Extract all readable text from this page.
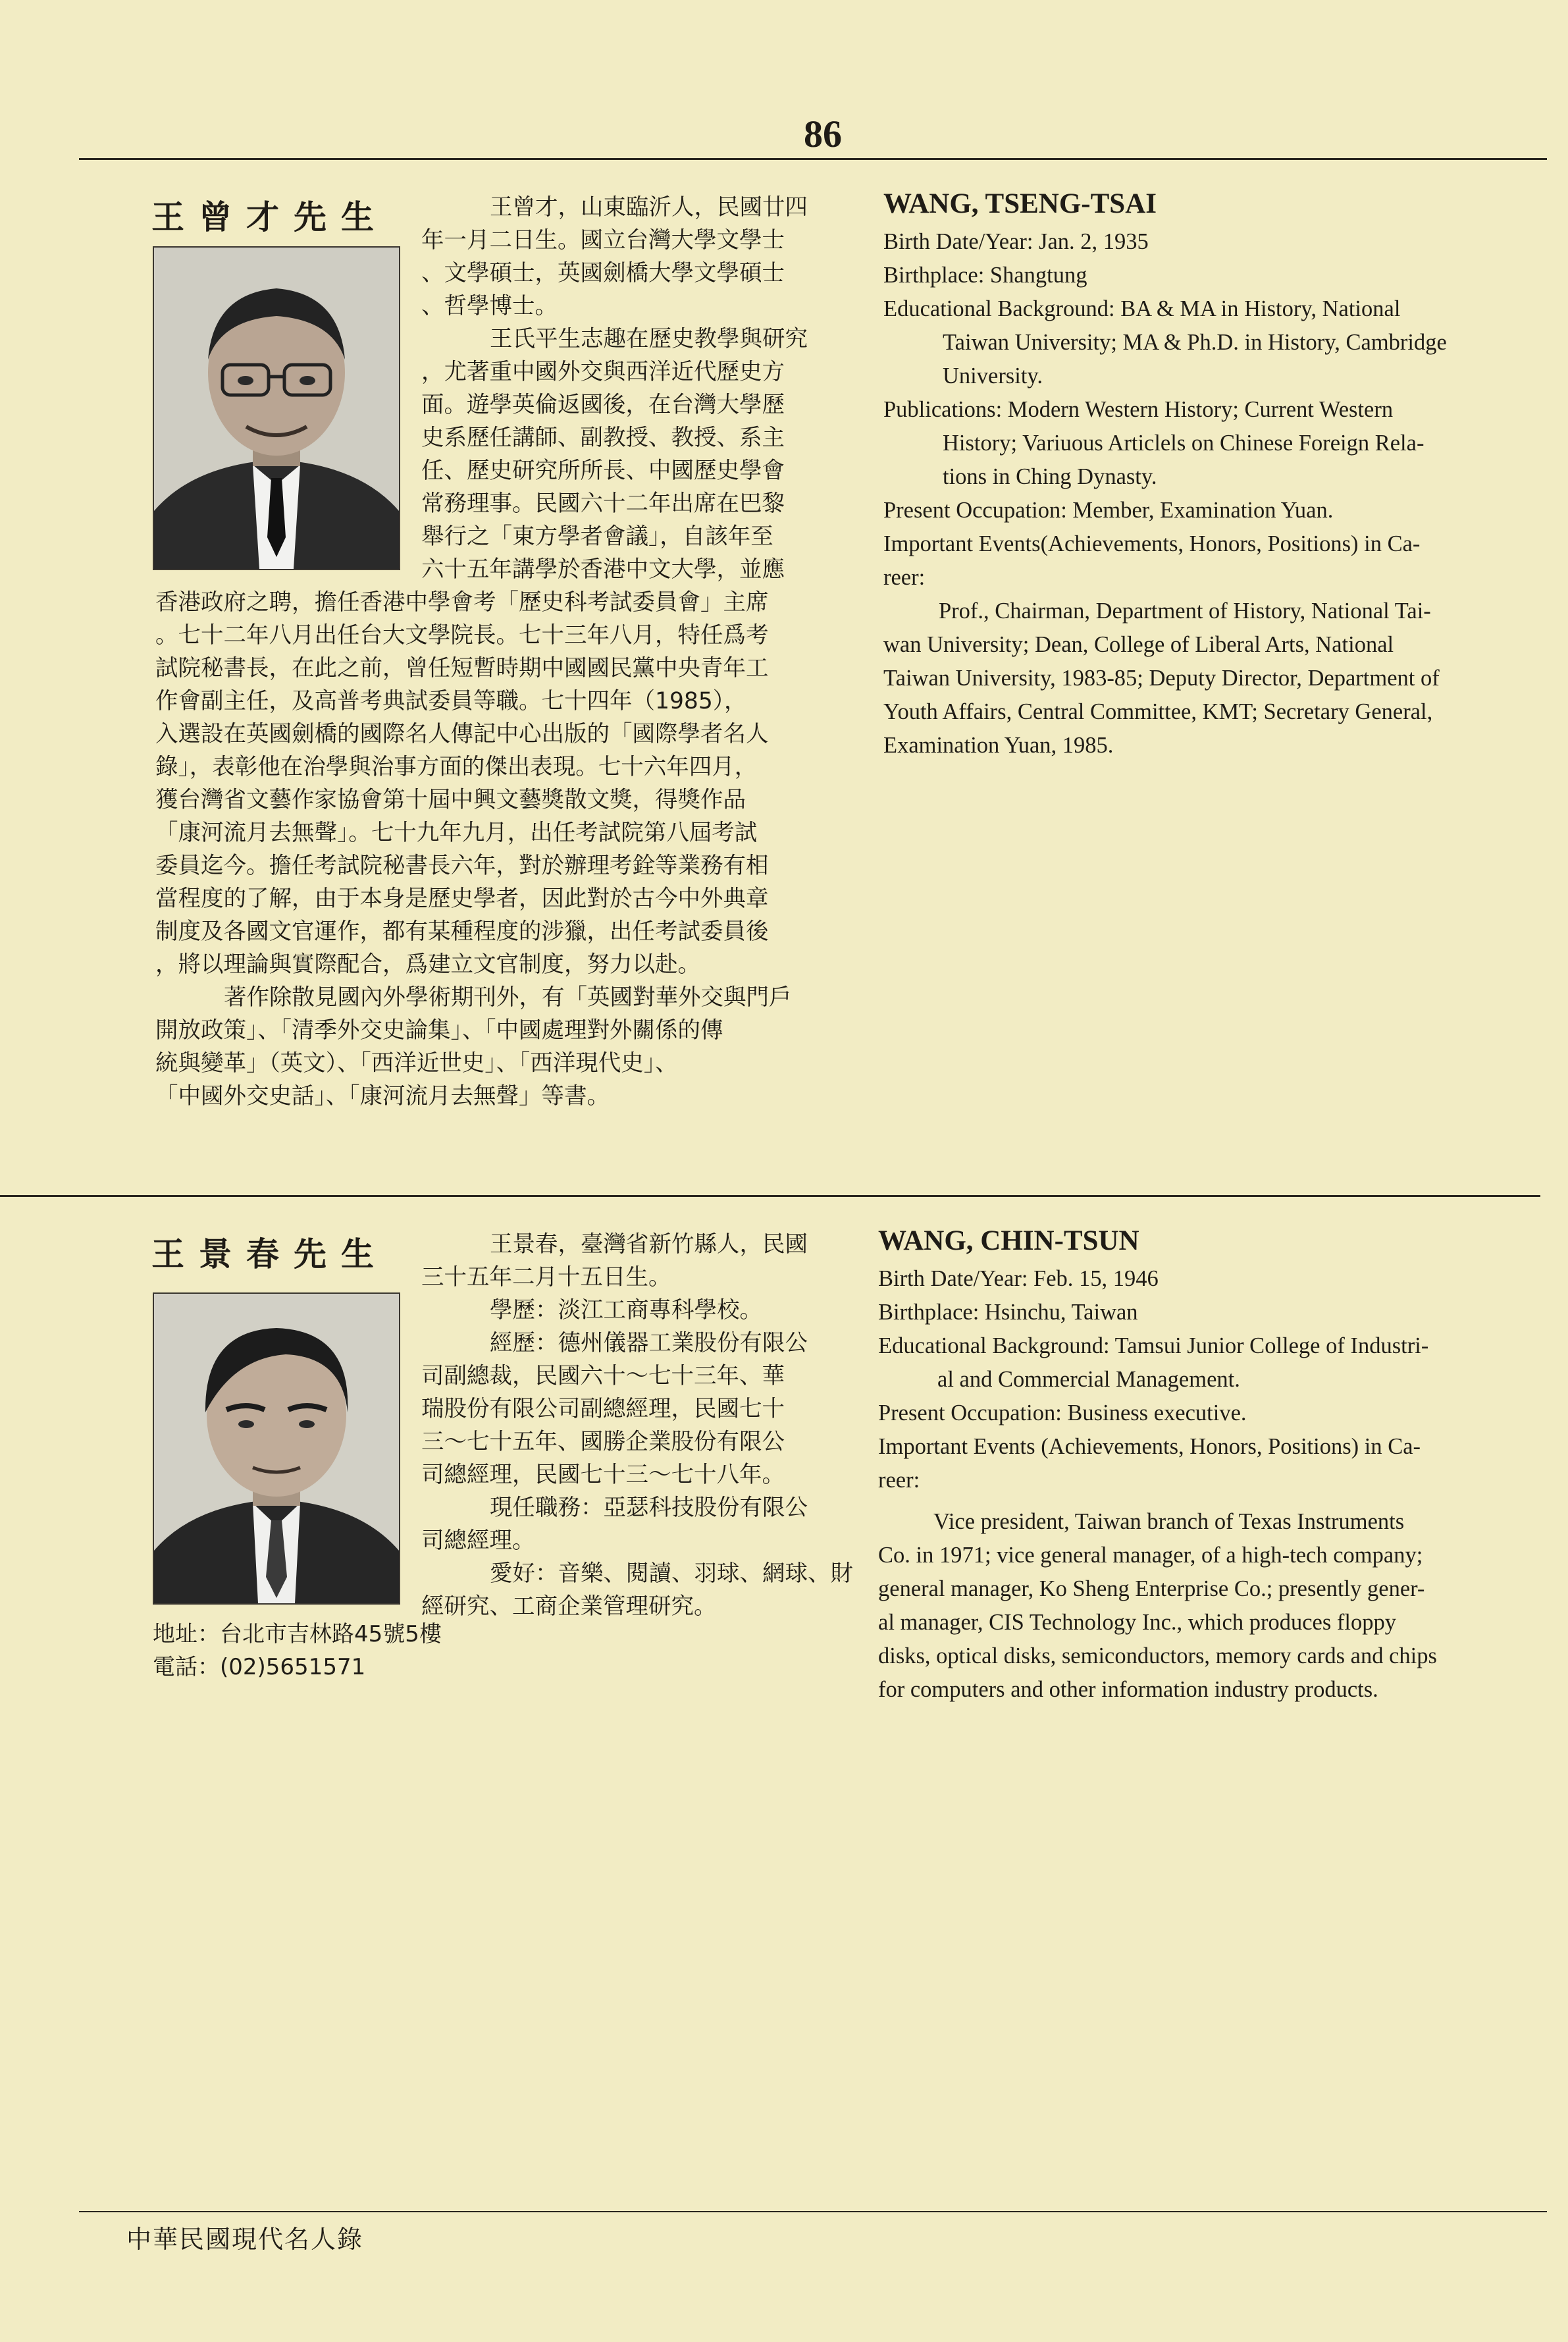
86
王曾才先生	王曾才，山東臨沂人，民國廿四
年一月二日生。國立台灣大學文學士
、文學碩士，英國劍橋大學文學碩士
、哲學博士。
王氏平生志趣在歷史教學與研究
，尤著重中國外交與西洋近代歷史方
面。遊學英倫返國後，在台灣大學歷
史系歷任講師、副教授、教授、系主
任、歷史研究所所長、中國歷史學會
常務理事。民國六十二年出席在巴黎
舉行之「東方學者會議」，自該年至
六十五年講學於香港中文大學，並應
香港政府之聘，擔任香港中學會考「歷史科考試委員會」主席
。七十二年八月出任台大文學院長。七十三年八月，特任爲考
試院秘書長，在此之前，曾任短暫時期中國國民黨中央青年工
作會副主任，及高普考典試委員等職。七十四年（1985），
入選設在英國劍橋的國際名人傳記中心出版的「國際學者名人
錄」，表彰他在治學與治事方面的傑出表現。七十六年四月，
獲台灣省文藝作家協會第十屆中興文藝獎散文獎，得獎作品
「康河流月去無聲」。七十九年九月，出任考試院第八屆考試
委員迄今。擔任考試院秘書長六年，對於辦理考銓等業務有相
當程度的了解，由于本身是歷史學者，因此對於古今中外典章
制度及各國文官運作，都有某種程度的涉獵，出任考試委員後
，將以理論與實際配合，爲建立文官制度，努力以赴。
著作除散見國內外學術期刊外，有「英國對華外交與門戶
開放政策」、「清季外交史論集」、「中國處理對外關係的傳
統與變革」（英文）、「西洋近世史」、「西洋現代史」、
「中國外交史話」、「康河流月去無聲」等書。
WANG, TSENG-TSAI
Birth Date/Year: Jan. 2, 1935
Birthplace: Shangtung
Educational Background: BA & MA in History, National
Taiwan University; MA & Ph.D. in History, Cambridge
University.
Publications: Modern Western History; Current Western
History; Variuous Articlels on Chinese Foreign Rela-
tions in Ching Dynasty.
Present Occupation: Member, Examination Yuan.
Important Events(Achievements, Honors, Positions) in Ca-
reer:
Prof., Chairman, Department of History, National Tai-
wan University; Dean, College of Liberal Arts, National
Taiwan University, 1983-85; Deputy Director, Department of
Youth Affairs, Central Committee, KMT; Secretary General,
Examination Yuan, 1985.
王景春先生	王景春，臺灣省新竹縣人，民國
三十五年二月十五日生。
學歷：淡江工商專科學校。
經歷：德州儀器工業股份有限公
司副總裁，民國六十～七十三年、華
瑞股份有限公司副總經理，民國七十
三～七十五年、國勝企業股份有限公
司總經理，民國七十三～七十八年。
現任職務：亞瑟科技股份有限公
司總經理。
愛好：音樂、閱讀、羽球、網球、財
經研究、工商企業管理研究。
地址：台北市吉林路45號5樓
電話：(02)5651571
WANG, CHIN-TSUN
Birth Date/Year: Feb. 15, 1946
Birthplace: Hsinchu, Taiwan
Educational Background: Tamsui Junior College of Industri-
al and Commercial Management.
Present Occupation: Business executive.
Important Events (Achievements, Honors, Positions) in Ca-
reer:
Vice president, Taiwan branch of Texas Instruments
Co. in 1971; vice general manager, of a high-tech company;
general manager, Ko Sheng Enterprise Co.; presently gener-
al manager, CIS Technology Inc., which produces floppy
disks, optical disks, semiconductors, memory cards and chips
for computers and other information industry products.
中華民國現代名人錄
